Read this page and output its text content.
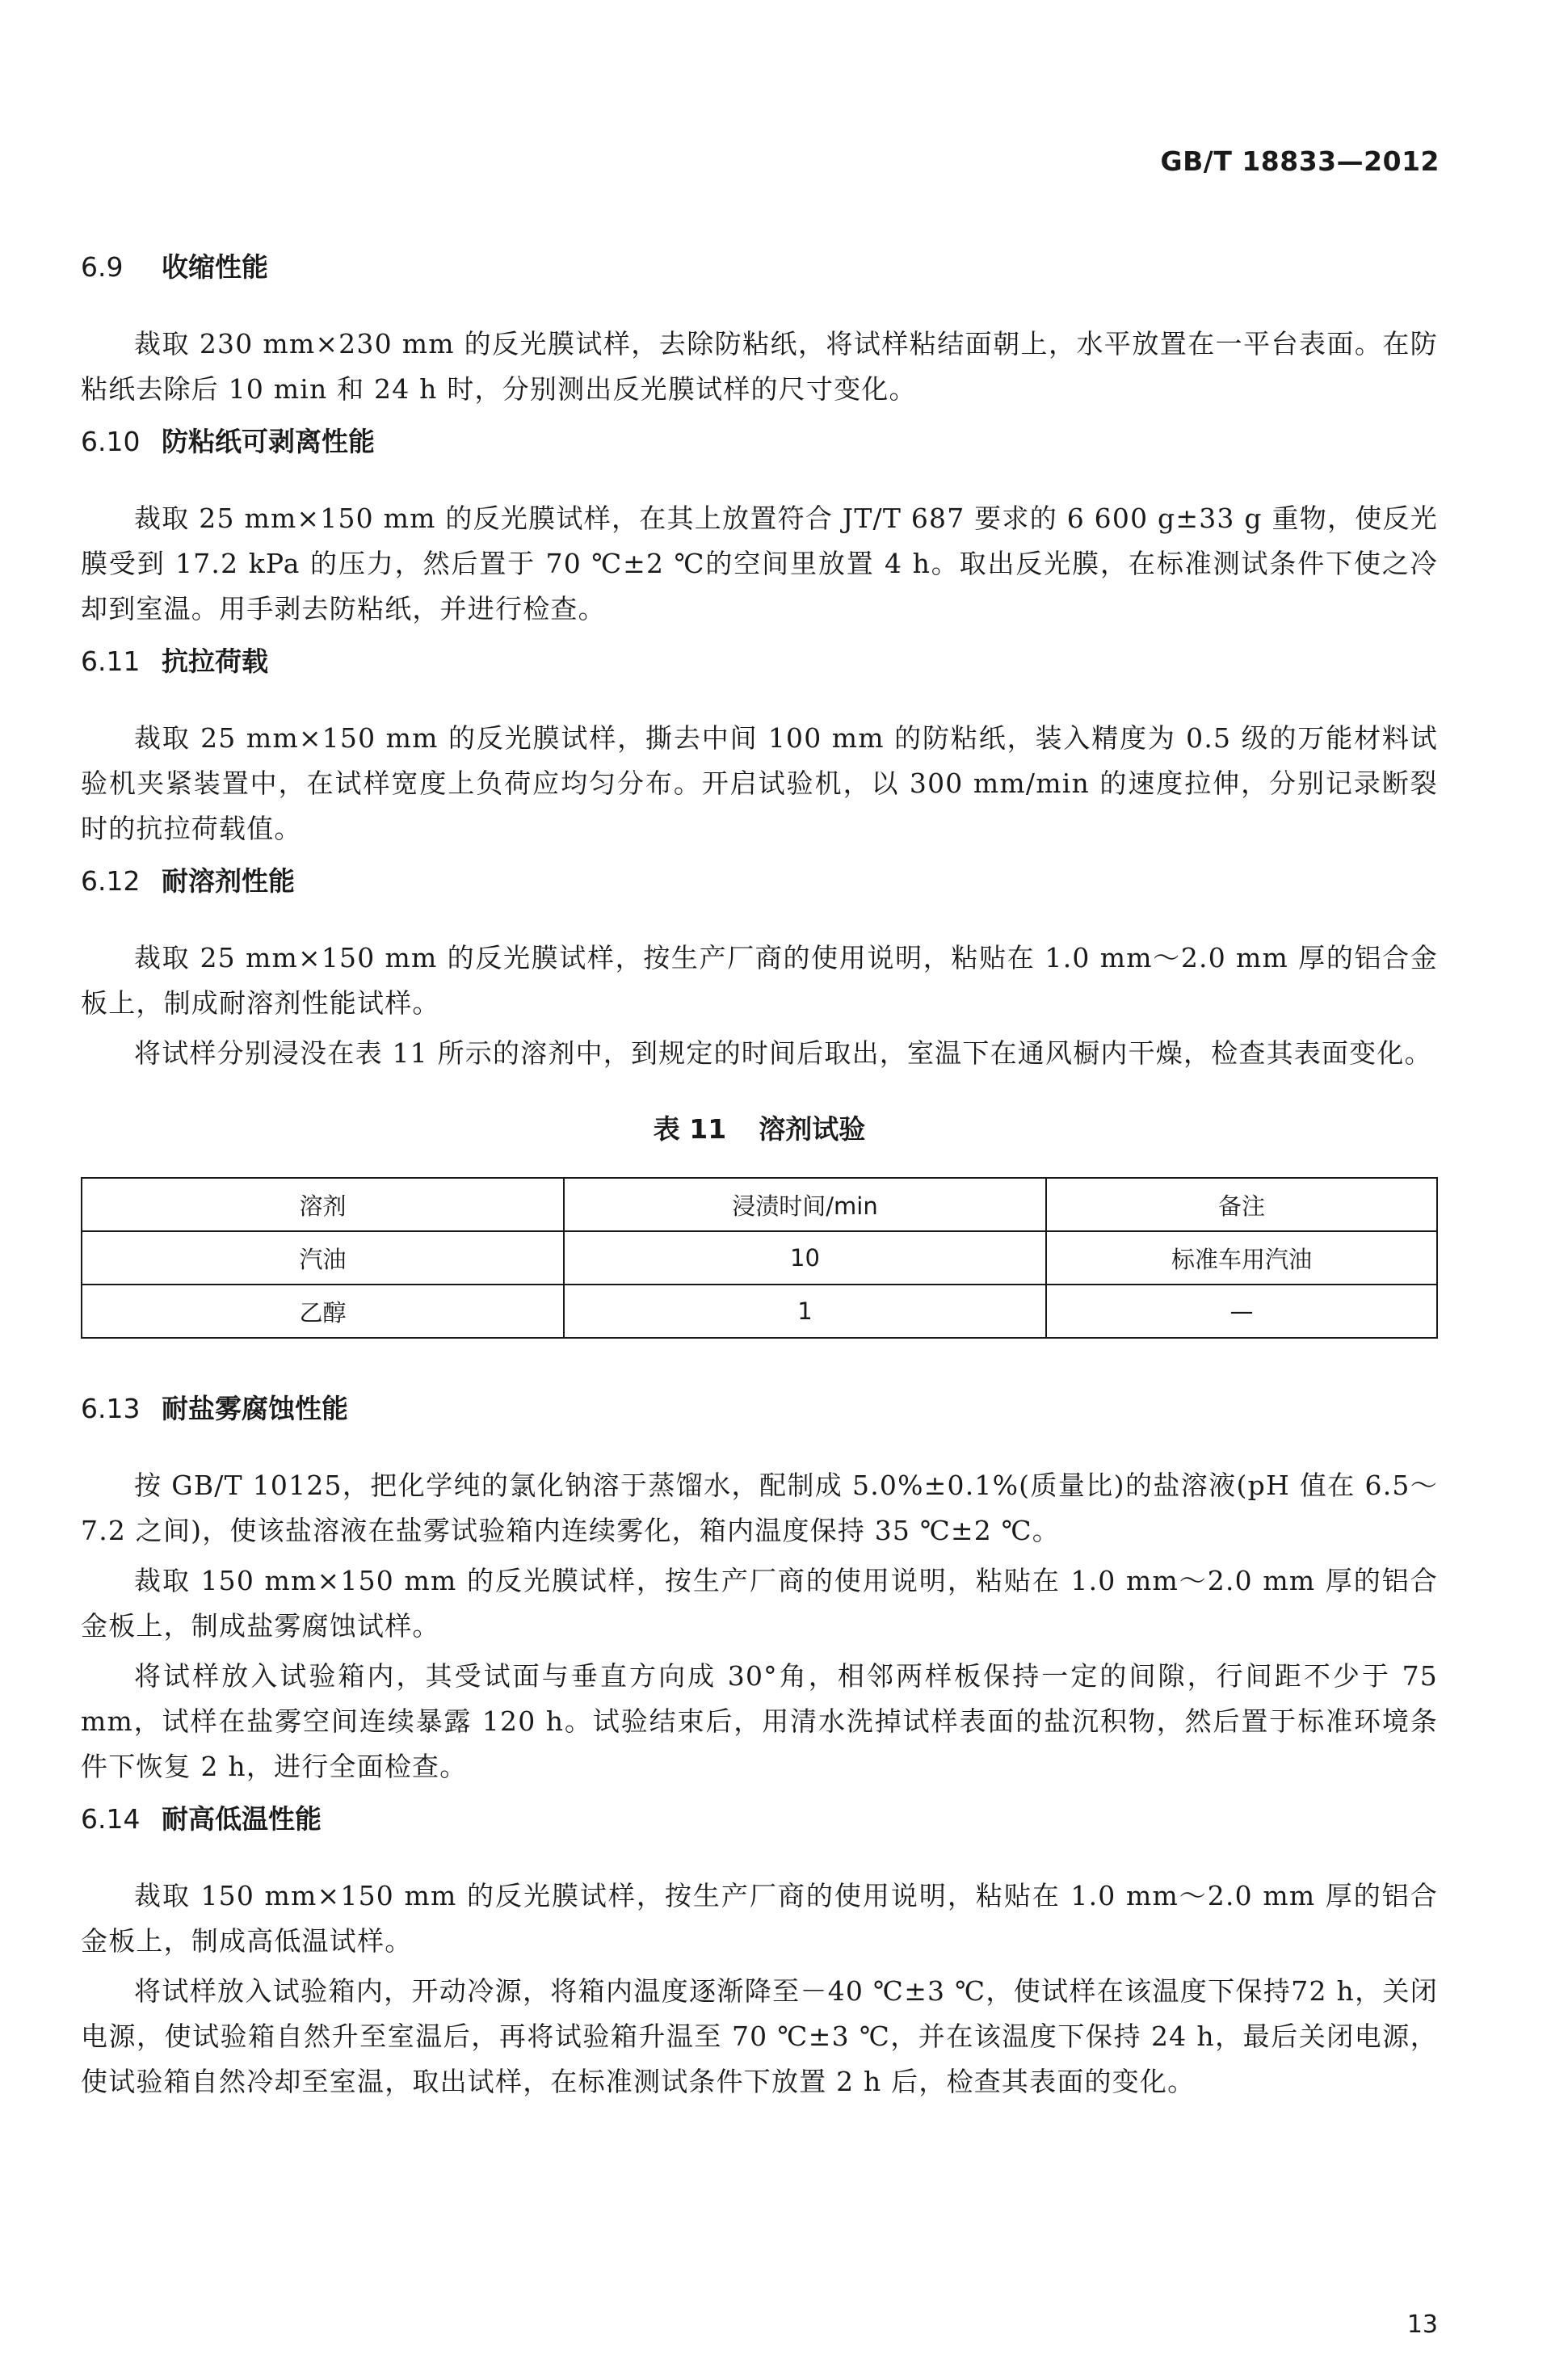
GB/T 18833—2012
6.9 收缩性能

裁取 230 mm×230 mm 的反光膜试样，去除防粘纸，将试样粘结面朝上，水平放置在一平台表面。在防粘纸去除后 10 min 和 24 h 时，分别测出反光膜试样的尺寸变化。

6.10 防粘纸可剥离性能

裁取 25 mm×150 mm 的反光膜试样，在其上放置符合 JT/T 687 要求的 6 600 g±33 g 重物，使反光膜受到 17.2 kPa 的压力，然后置于 70 ℃±2 ℃的空间里放置 4 h。取出反光膜，在标准测试条件下使之冷却到室温。用手剥去防粘纸，并进行检查。

6.11 抗拉荷载

裁取 25 mm×150 mm 的反光膜试样，撕去中间 100 mm 的防粘纸，装入精度为 0.5 级的万能材料试验机夹紧装置中，在试样宽度上负荷应均匀分布。开启试验机，以 300 mm/min 的速度拉伸，分别记录断裂时的抗拉荷载值。

6.12 耐溶剂性能

裁取 25 mm×150 mm 的反光膜试样，按生产厂商的使用说明，粘贴在 1.0 mm～2.0 mm 厚的铝合金板上，制成耐溶剂性能试样。

将试样分别浸没在表 11 所示的溶剂中，到规定的时间后取出，室温下在通风橱内干燥，检查其表面变化。

表 11 溶剂试验
溶剂	浸渍时间/min	备注
汽油	10	标准车用汽油
乙醇	1	—
6.13 耐盐雾腐蚀性能

按 GB/T 10125，把化学纯的氯化钠溶于蒸馏水，配制成 5.0%±0.1%(质量比)的盐溶液(pH 值在 6.5～7.2 之间)，使该盐溶液在盐雾试验箱内连续雾化，箱内温度保持 35 ℃±2 ℃。

裁取 150 mm×150 mm 的反光膜试样，按生产厂商的使用说明，粘贴在 1.0 mm～2.0 mm 厚的铝合金板上，制成盐雾腐蚀试样。

将试样放入试验箱内，其受试面与垂直方向成 30°角，相邻两样板保持一定的间隙，行间距不少于 75 mm，试样在盐雾空间连续暴露 120 h。试验结束后，用清水洗掉试样表面的盐沉积物，然后置于标准环境条件下恢复 2 h，进行全面检查。

6.14 耐高低温性能

裁取 150 mm×150 mm 的反光膜试样，按生产厂商的使用说明，粘贴在 1.0 mm～2.0 mm 厚的铝合金板上，制成高低温试样。

将试样放入试验箱内，开动冷源，将箱内温度逐渐降至－40 ℃±3 ℃，使试样在该温度下保持72 h，关闭电源，使试验箱自然升至室温后，再将试验箱升温至 70 ℃±3 ℃，并在该温度下保持 24 h，最后关闭电源，使试验箱自然冷却至室温，取出试样，在标准测试条件下放置 2 h 后，检查其表面的变化。

13
